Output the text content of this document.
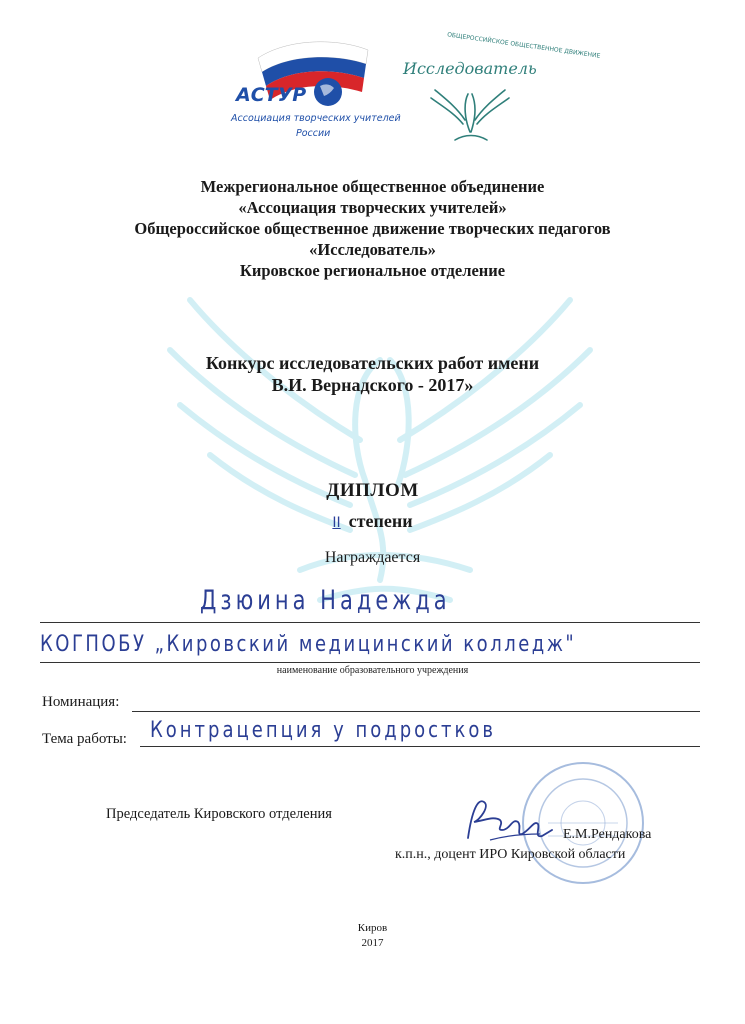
АСТУР
Ассоциация творческих учителей
России
Исследователь
ОБЩЕРОССИЙСКОЕ ОБЩЕСТВЕННОЕ ДВИЖЕНИЕ
Межрегиональное общественное объединение
«Ассоциация творческих учителей»
Общероссийское общественное движение творческих педагогов
«Исследователь»
Кировское региональное отделение
Конкурс исследовательских работ имени
В.И. Вернадского - 2017»
ДИПЛОМ
II степени
Награждается
Дзюина Надежда
КОГПОБУ „Кировский медицинский колледж"
наименование образовательного учреждения
Номинация:
Тема работы: Контрацепция у подростков
Председатель Кировского отделения
Е.М.Рендакова
к.п.н., доцент ИРО Кировской области
Киров
2017
